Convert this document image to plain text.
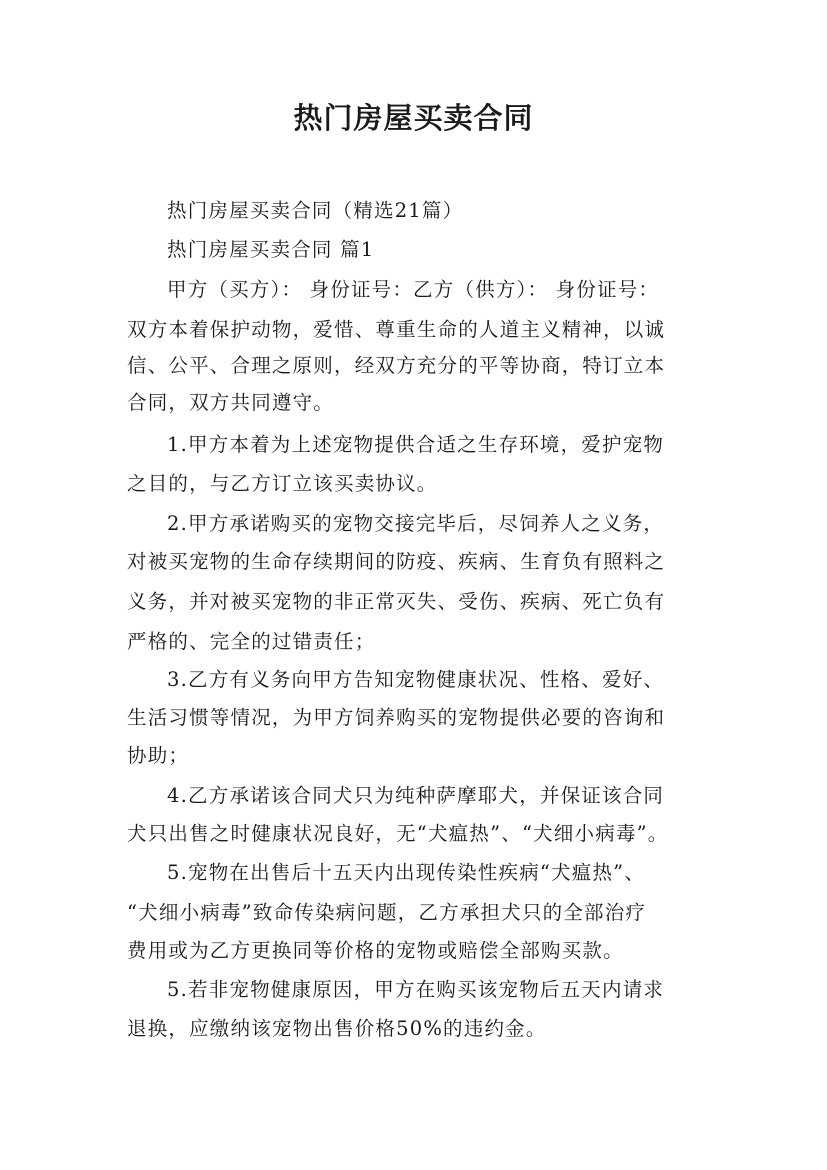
热门房屋买卖合同

热门房屋买卖合同（精选21篇）

热门房屋买卖合同 篇1

甲方（买方）： 身份证号：乙方（供方）： 身份证号：

双方本着保护动物，爱惜、尊重生命的人道主义精神，以诚

信、公平、合理之原则，经双方充分的平等协商，特订立本

合同，双方共同遵守。

1.甲方本着为上述宠物提供合适之生存环境，爱护宠物

之目的，与乙方订立该买卖协议。

2.甲方承诺购买的宠物交接完毕后，尽饲养人之义务，

对被买宠物的生命存续期间的防疫、疾病、生育负有照料之

义务，并对被买宠物的非正常灭失、受伤、疾病、死亡负有

严格的、完全的过错责任；

3.乙方有义务向甲方告知宠物健康状况、性格、爱好、

生活习惯等情况，为甲方饲养购买的宠物提供必要的咨询和

协助；

4.乙方承诺该合同犬只为纯种萨摩耶犬，并保证该合同

犬只出售之时健康状况良好，无“犬瘟热”、“犬细小病毒”。

5.宠物在出售后十五天内出现传染性疾病“犬瘟热”、

“犬细小病毒”致命传染病问题，乙方承担犬只的全部治疗

费用或为乙方更换同等价格的宠物或赔偿全部购买款。

5.若非宠物健康原因，甲方在购买该宠物后五天内请求

退换，应缴纳该宠物出售价格50%的违约金。
